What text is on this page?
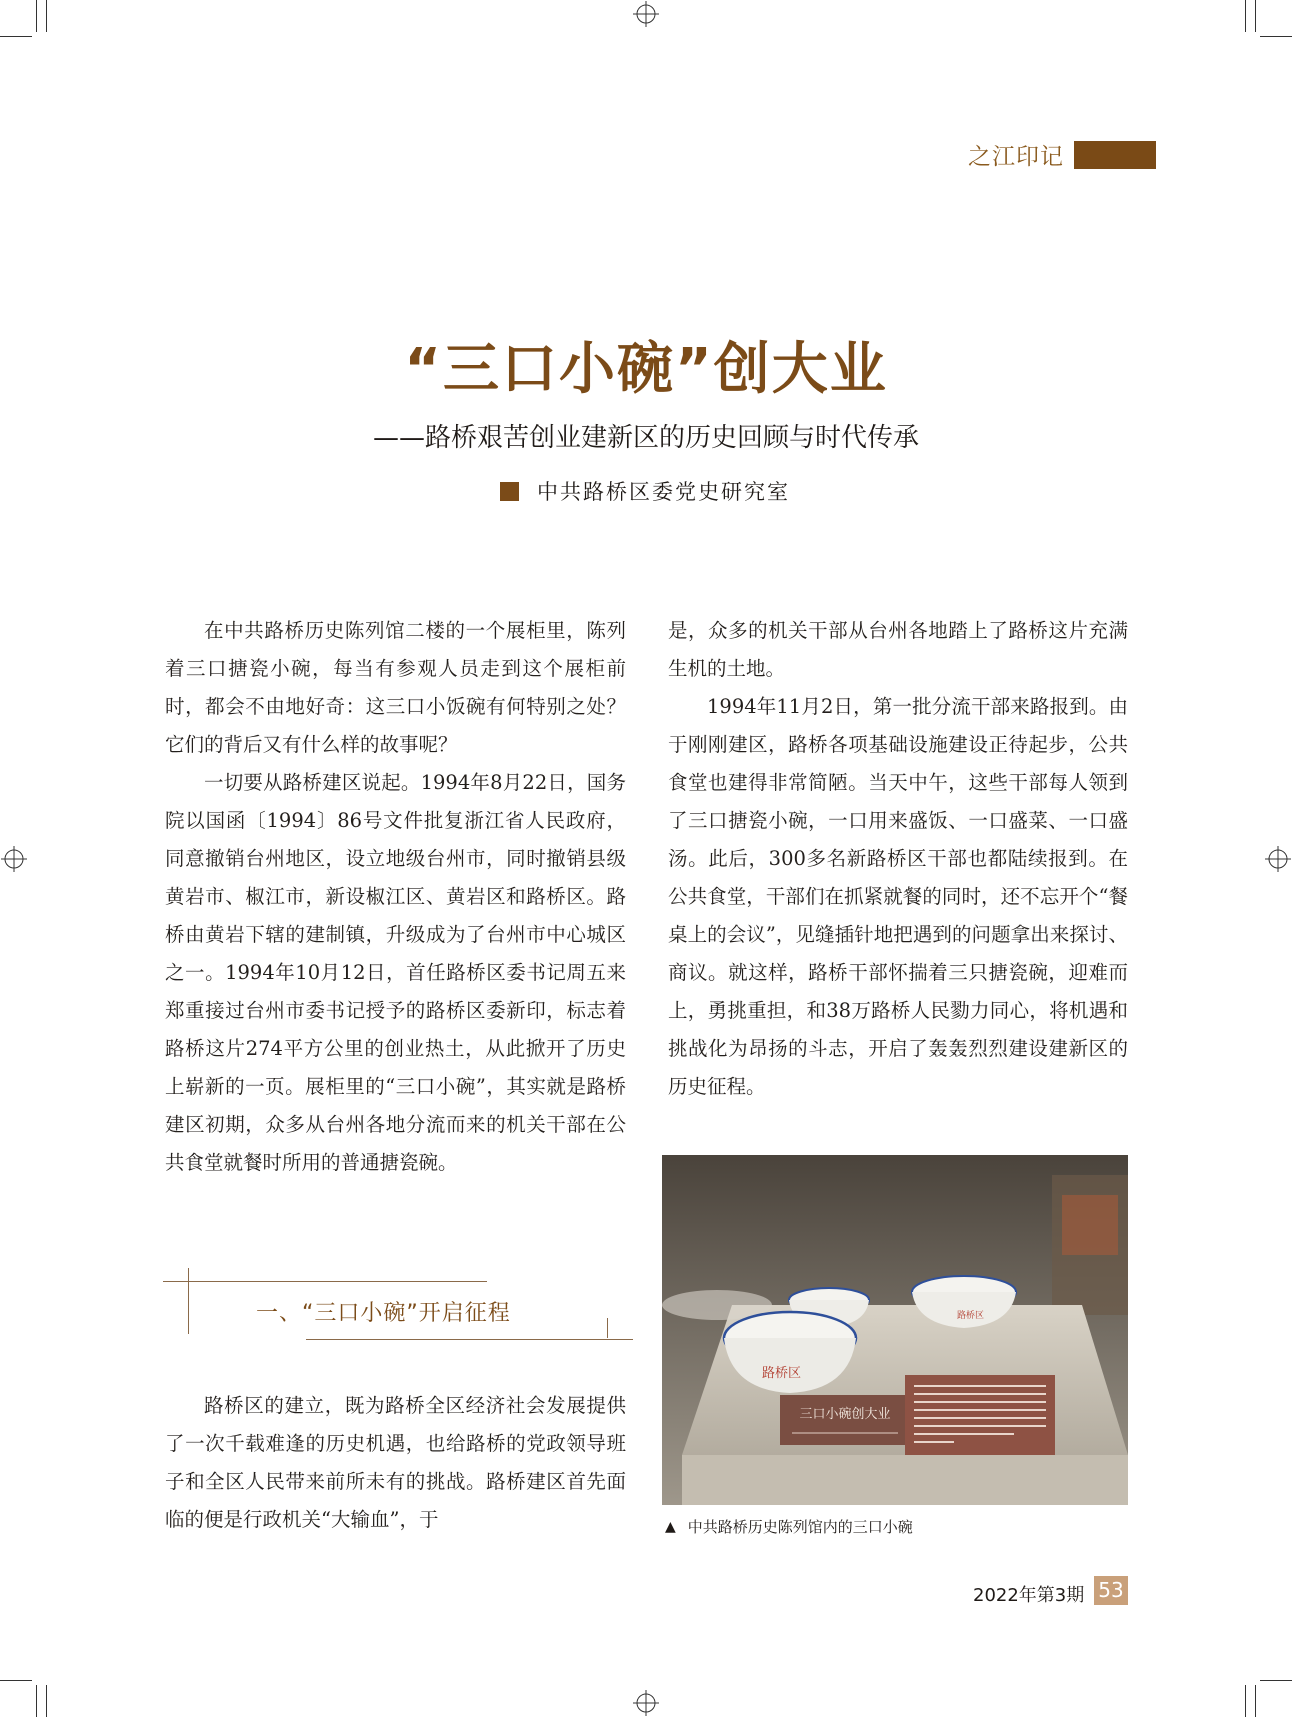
之江印记
“三口小碗”创大业
——路桥艰苦创业建新区的历史回顾与时代传承
中共路桥区委党史研究室

在中共路桥历史陈列馆二楼的一个展柜里，陈列着三口搪瓷小碗，每当有参观人员走到这个展柜前时，都会不由地好奇：这三口小饭碗有何特别之处？它们的背后又有什么样的故事呢？

一切要从路桥建区说起。1994年8月22日，国务院以国函〔1994〕86号文件批复浙江省人民政府，同意撤销台州地区，设立地级台州市，同时撤销县级黄岩市、椒江市，新设椒江区、黄岩区和路桥区。路桥由黄岩下辖的建制镇，升级成为了台州市中心城区之一。1994年10月12日，首任路桥区委书记周五来郑重接过台州市委书记授予的路桥区委新印，标志着路桥这片274平方公里的创业热土，从此掀开了历史上崭新的一页。展柜里的“三口小碗”，其实就是路桥建区初期，众多从台州各地分流而来的机关干部在公共食堂就餐时所用的普通搪瓷碗。

一、“三口小碗”开启征程

路桥区的建立，既为路桥全区经济社会发展提供了一次千载难逢的历史机遇，也给路桥的党政领导班子和全区人民带来前所未有的挑战。路桥建区首先面临的便是行政机关“大输血”，于

是，众多的机关干部从台州各地踏上了路桥这片充满生机的土地。

1994年11月2日，第一批分流干部来路报到。由于刚刚建区，路桥各项基础设施建设正待起步，公共食堂也建得非常简陋。当天中午，这些干部每人领到了三口搪瓷小碗，一口用来盛饭、一口盛菜、一口盛汤。此后，300多名新路桥区干部也都陆续报到。在公共食堂，干部们在抓紧就餐的同时，还不忘开个“餐桌上的会议”，见缝插针地把遇到的问题拿出来探讨、商议。就这样，路桥干部怀揣着三只搪瓷碗，迎难而上，勇挑重担，和38万路桥人民勠力同心，将机遇和挑战化为昂扬的斗志，开启了轰轰烈烈建设建新区的历史征程。

路桥区
路桥区
三口小碗创大业
▲ 中共路桥历史陈列馆内的三口小碗
2022年第3期 53
